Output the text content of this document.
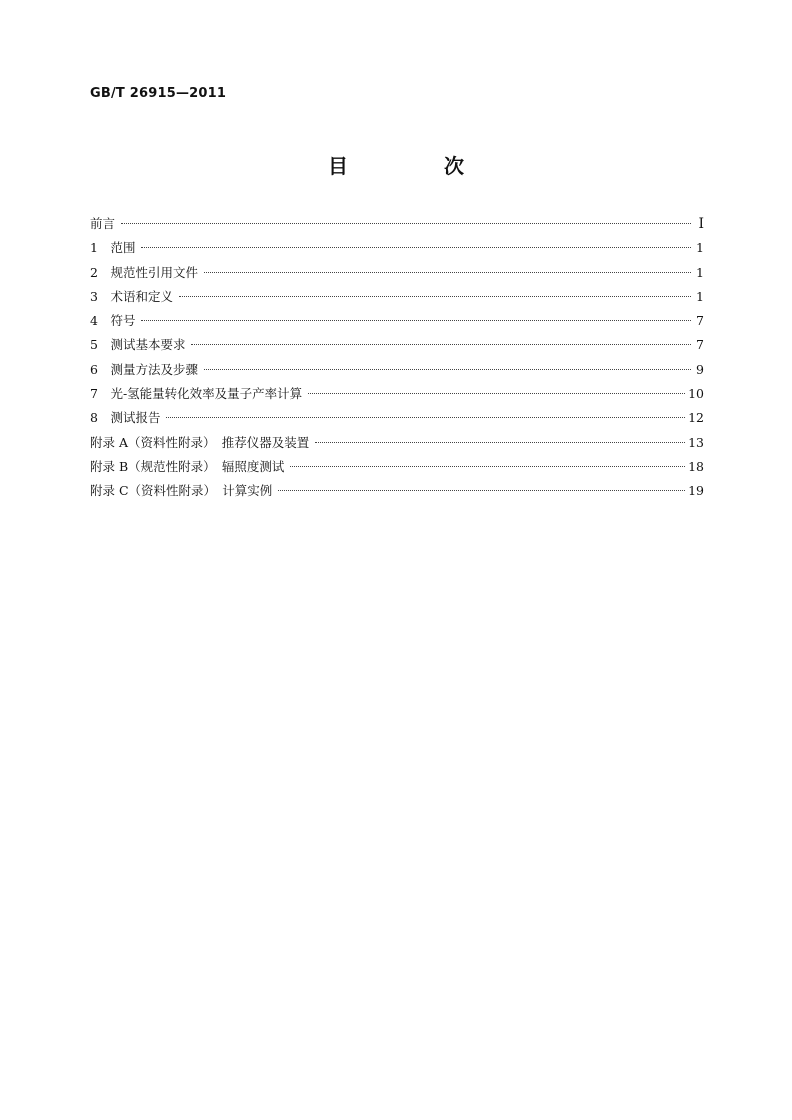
GB/T 26915—2011
目　次
前言	Ⅰ
1　范围	1
2　规范性引用文件	1
3　术语和定义	1
4　符号	7
5　测试基本要求	7
6　测量方法及步骤	9
7　光-氢能量转化效率及量子产率计算	10
8　测试报告	12
附录 A（资料性附录）　推荐仪器及装置	13
附录 B（规范性附录）　辐照度测试	18
附录 C（资料性附录）　计算实例	19
